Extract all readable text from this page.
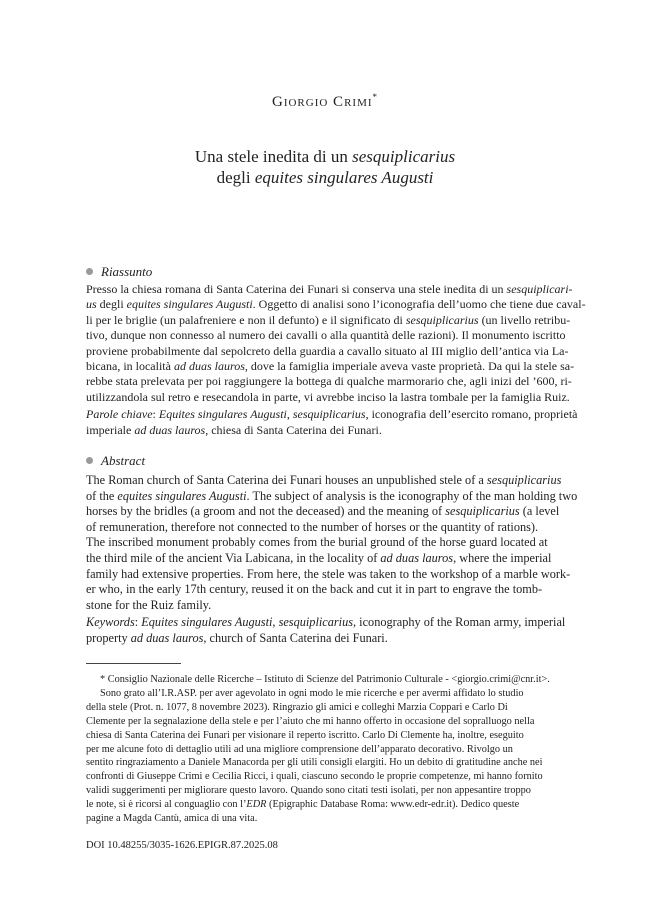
Giorgio Crimi*
Una stele inedita di un sesquiplicarius
degli equites singulares Augusti
Riassunto
Presso la chiesa romana di Santa Caterina dei Funari si conserva una stele inedita di un sesquiplicari-
us degli equites singulares Augusti. Oggetto di analisi sono l’iconografia dell’uomo che tiene due caval-
li per le briglie (un palafreniere e non il defunto) e il significato di sesquiplicarius (un livello retribu-
tivo, dunque non connesso al numero dei cavalli o alla quantità delle razioni). Il monumento iscritto
proviene probabilmente dal sepolcreto della guardia a cavallo situato al III miglio dell’antica via La-
bicana, in località ad duas lauros, dove la famiglia imperiale aveva vaste proprietà. Da qui la stele sa-
rebbe stata prelevata per poi raggiungere la bottega di qualche marmorario che, agli inizi del ’600, ri-
utilizzandola sul retro e resecandola in parte, vi avrebbe inciso la lastra tombale per la famiglia Ruiz.
Parole chiave: Equites singulares Augusti, sesquiplicarius, iconografia dell’esercito romano, proprietà
imperiale ad duas lauros, chiesa di Santa Caterina dei Funari.
Abstract
The Roman church of Santa Caterina dei Funari houses an unpublished stele of a sesquiplicarius
of the equites singulares Augusti. The subject of analysis is the iconography of the man holding two
horses by the bridles (a groom and not the deceased) and the meaning of sesquiplicarius (a level
of remuneration, therefore not connected to the number of horses or the quantity of rations).
The inscribed monument probably comes from the burial ground of the horse guard located at
the third mile of the ancient Via Labicana, in the locality of ad duas lauros, where the imperial
family had extensive properties. From here, the stele was taken to the workshop of a marble work-
er who, in the early 17th century, reused it on the back and cut it in part to engrave the tomb-
stone for the Ruiz family.
Keywords: Equites singulares Augusti, sesquiplicarius, iconography of the Roman army, imperial
property ad duas lauros, church of Santa Caterina dei Funari.
* Consiglio Nazionale delle Ricerche – Istituto di Scienze del Patrimonio Culturale - <giorgio.crimi@cnr.it>.
Sono grato all’I.R.ASP. per aver agevolato in ogni modo le mie ricerche e per avermi affidato lo studio
della stele (Prot. n. 1077, 8 novembre 2023). Ringrazio gli amici e colleghi Marzia Coppari e Carlo Di
Clemente per la segnalazione della stele e per l’aiuto che mi hanno offerto in occasione del sopralluogo nella
chiesa di Santa Caterina dei Funari per visionare il reperto iscritto. Carlo Di Clemente ha, inoltre, eseguito
per me alcune foto di dettaglio utili ad una migliore comprensione dell’apparato decorativo. Rivolgo un
sentito ringraziamento a Daniele Manacorda per gli utili consigli elargiti. Ho un debito di gratitudine anche nei
confronti di Giuseppe Crimi e Cecilia Ricci, i quali, ciascuno secondo le proprie competenze, mi hanno fornito
validi suggerimenti per migliorare questo lavoro. Quando sono citati testi isolati, per non appesantire troppo
le note, si è ricorsi al conguaglio con l’EDR (Epigraphic Database Roma: www.edr-edr.it). Dedico queste
pagine a Magda Cantù, amica di una vita.
DOI 10.48255/3035-1626.EPIGR.87.2025.08
